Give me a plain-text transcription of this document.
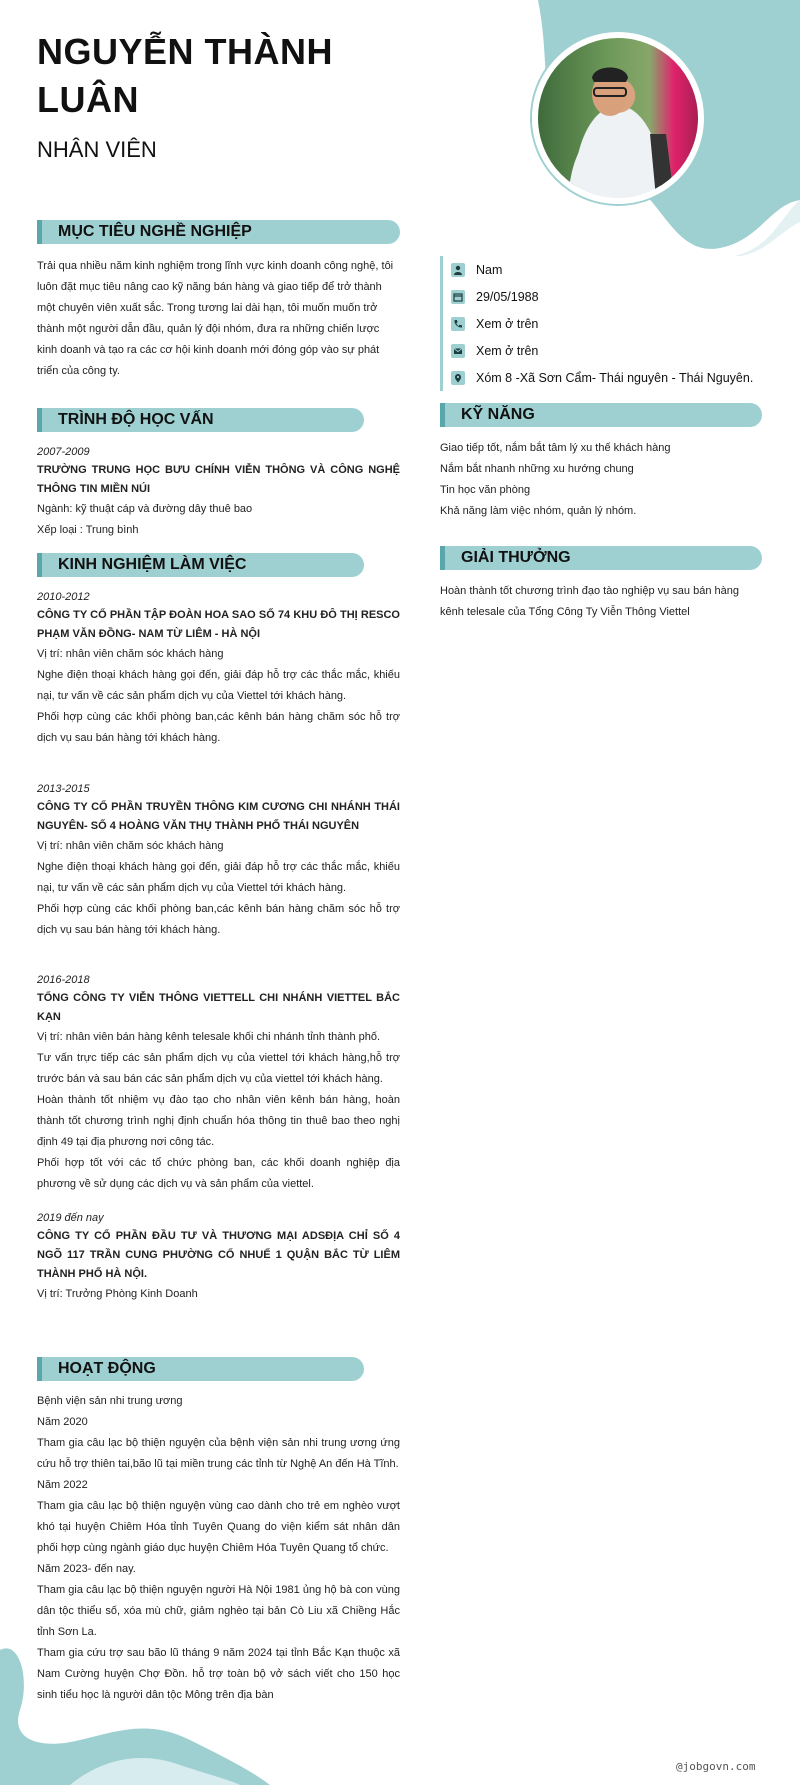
NGUYỄN THÀNH LUÂN
NHÂN VIÊN
Nam
29/05/1988
Xem ở trên
Xem ở trên
Xóm 8 -Xã Sơn Cẩm- Thái nguyên - Thái Nguyên.
MỤC TIÊU NGHỀ NGHIỆP
Trải qua nhiều năm kinh nghiệm trong lĩnh vực kinh doanh công nghệ, tôi
luôn đặt mục tiêu nâng cao kỹ năng bán hàng và giao tiếp để trở thành
một chuyên viên xuất sắc. Trong tương lai dài hạn, tôi muốn muốn trở
thành một người dẫn đầu, quản lý đội nhóm, đưa ra những chiến lược
kinh doanh và tạo ra các cơ hội kinh doanh mới đóng góp vào sự phát
triển của công ty.
TRÌNH ĐỘ HỌC VẤN
2007-2009
TRƯỜNG TRUNG HỌC BƯU CHÍNH VIỄN THÔNG VÀ CÔNG NGHỆ THÔNG TIN MIỀN NÚI
Ngành: kỹ thuật cáp và đường dây thuê bao
Xếp loại : Trung bình
KINH NGHIỆM LÀM VIỆC
2010-2012
CÔNG TY CỔ PHẦN TẬP ĐOÀN HOA SAO SỐ 74 KHU ĐÔ THỊ RESCO PHẠM VĂN ĐỒNG- NAM TỪ LIÊM - HÀ NỘI
Vị trí: nhân viên chăm sóc khách hàng
Nghe điện thoại khách hàng gọi đến, giải đáp hỗ trợ các thắc mắc, khiếu nại, tư vấn về các sản phẩm dịch vụ của Viettel tới khách hàng.
Phối hợp cùng các khối phòng ban,các kênh bán hàng chăm sóc hỗ trợ dịch vụ sau bán hàng tới khách hàng.
2013-2015
CÔNG TY CỔ PHẦN TRUYỀN THÔNG KIM CƯƠNG CHI NHÁNH THÁI NGUYÊN- SỐ 4 HOÀNG VĂN THỤ THÀNH PHỐ THÁI NGUYÊN
Vị trí: nhân viên chăm sóc khách hàng
Nghe điện thoại khách hàng gọi đến, giải đáp hỗ trợ các thắc mắc, khiếu nại, tư vấn về các sản phẩm dịch vụ của Viettel tới khách hàng.
Phối hợp cùng các khối phòng ban,các kênh bán hàng chăm sóc hỗ trợ dịch vụ sau bán hàng tới khách hàng.
2016-2018
TỔNG CÔNG TY VIỄN THÔNG VIETTELL CHI NHÁNH VIETTEL BẮC KẠN
Vị trí: nhân viên bán hàng kênh telesale khối chi nhánh tỉnh thành phố.
Tư vấn trực tiếp các sản phẩm dịch vụ của viettel tới khách hàng,hỗ trợ trước bán và sau bán các sản phẩm dịch vụ của viettel tới khách hàng.
Hoàn thành tốt nhiệm vụ đào tạo cho nhân viên kênh bán hàng, hoàn thành tốt chương trình nghị định chuẩn hóa thông tin thuê bao theo nghị định 49 tại địa phương nơi công tác.
Phối hợp tốt với các tổ chức phòng ban, các khối doanh nghiệp địa phương về sử dụng các dịch vụ và sản phẩm của viettel.
2019 đến nay
CÔNG TY CỔ PHẦN ĐẦU TƯ VÀ THƯƠNG MẠI ADSĐỊA CHỈ SỐ 4 NGÕ 117 TRẦN CUNG PHƯỜNG CỔ NHUẾ 1 QUẬN BẮC TỪ LIÊM THÀNH PHỐ HÀ NỘI.
Vị trí: Trưởng Phòng Kinh Doanh
HOẠT ĐỘNG
Bệnh viện sản nhi trung ương
Năm 2020
Tham gia câu lạc bộ thiện nguyện của bệnh viện sản nhi trung ương ứng cứu hỗ trợ thiên tai,bão lũ tại miền trung các tỉnh từ Nghệ An đến Hà Tĩnh.
Năm 2022
Tham gia câu lạc bộ thiện nguyện vùng cao dành cho trẻ em nghèo vượt khó tại huyện Chiêm Hóa tỉnh Tuyên Quang do viện kiểm sát nhân dân phối hợp cùng ngành giáo dục huyện Chiêm Hóa Tuyên Quang tổ chức.
Năm 2023- đến nay.
Tham gia câu lạc bộ thiện nguyện người Hà Nội 1981 ủng hộ bà con vùng dân tộc thiểu số, xóa mù chữ, giảm nghèo tại bản Cò Liu xã Chiềng Hắc tỉnh Sơn La.
Tham gia cứu trợ sau bão lũ tháng 9 năm 2024 tại tỉnh Bắc Kạn thuộc xã Nam Cường huyện Chợ Đồn. hỗ trợ toàn bộ vở sách viết cho 150 học sinh tiểu học là người dân tộc Mông trên địa bàn
KỸ NĂNG
Giao tiếp tốt, nắm bắt tâm lý xu thế khách hàng
Nắm bắt nhanh những xu hướng chung
Tin học văn phòng
Khả năng làm việc nhóm, quản lý nhóm.
GIẢI THƯỞNG
Hoàn thành tốt chương trình đạo tào nghiệp vụ sau bán hàng
kênh telesale của Tổng Công Ty Viễn Thông Viettel
@jobgovn.com
